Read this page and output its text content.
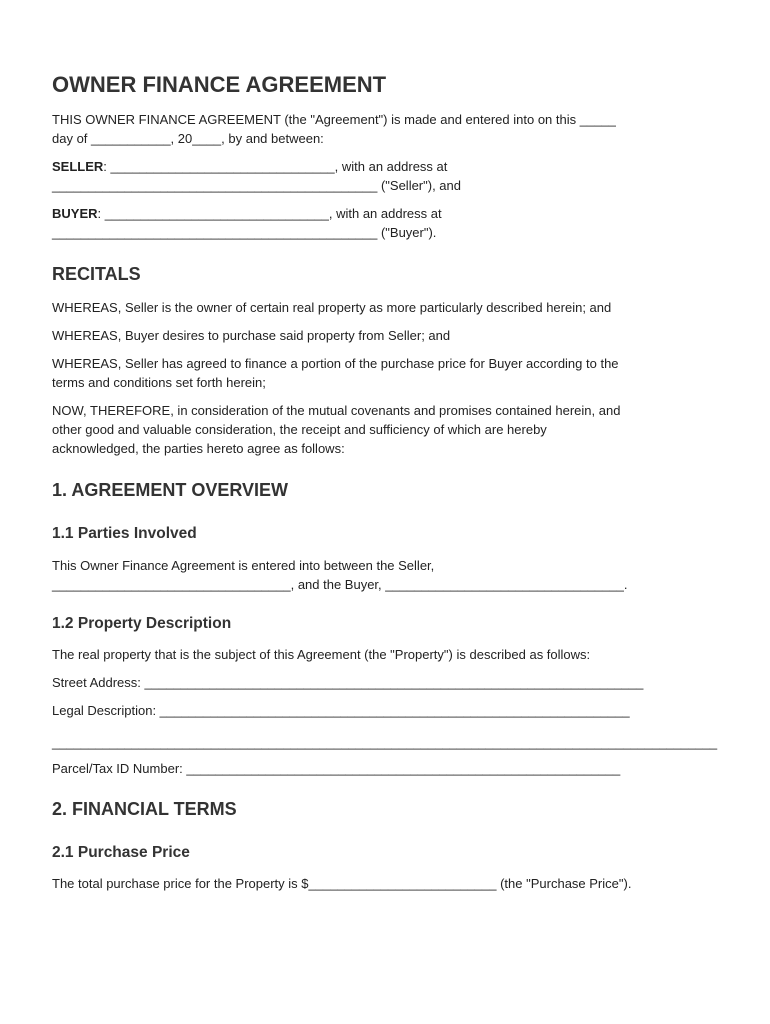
OWNER FINANCE AGREEMENT
THIS OWNER FINANCE AGREEMENT (the "Agreement") is made and entered into on this _____
day of ___________, 20____, by and between:
SELLER: _______________________________, with an address at
_____________________________________________ ("Seller"), and
BUYER: _______________________________, with an address at
_____________________________________________ ("Buyer").
RECITALS
WHEREAS, Seller is the owner of certain real property as more particularly described herein; and
WHEREAS, Buyer desires to purchase said property from Seller; and
WHEREAS, Seller has agreed to finance a portion of the purchase price for Buyer according to the
terms and conditions set forth herein;
NOW, THEREFORE, in consideration of the mutual covenants and promises contained herein, and
other good and valuable consideration, the receipt and sufficiency of which are hereby
acknowledged, the parties hereto agree as follows:
1. AGREEMENT OVERVIEW
1.1 Parties Involved
This Owner Finance Agreement is entered into between the Seller,
_________________________________, and the Buyer, _________________________________.
1.2 Property Description
The real property that is the subject of this Agreement (the "Property") is described as follows:
Street Address: _____________________________________________________________________
Legal Description: _________________________________________________________________
____________________________________________________________________________________________
Parcel/Tax ID Number: ____________________________________________________________
2. FINANCIAL TERMS
2.1 Purchase Price
The total purchase price for the Property is $__________________________ (the "Purchase Price").
